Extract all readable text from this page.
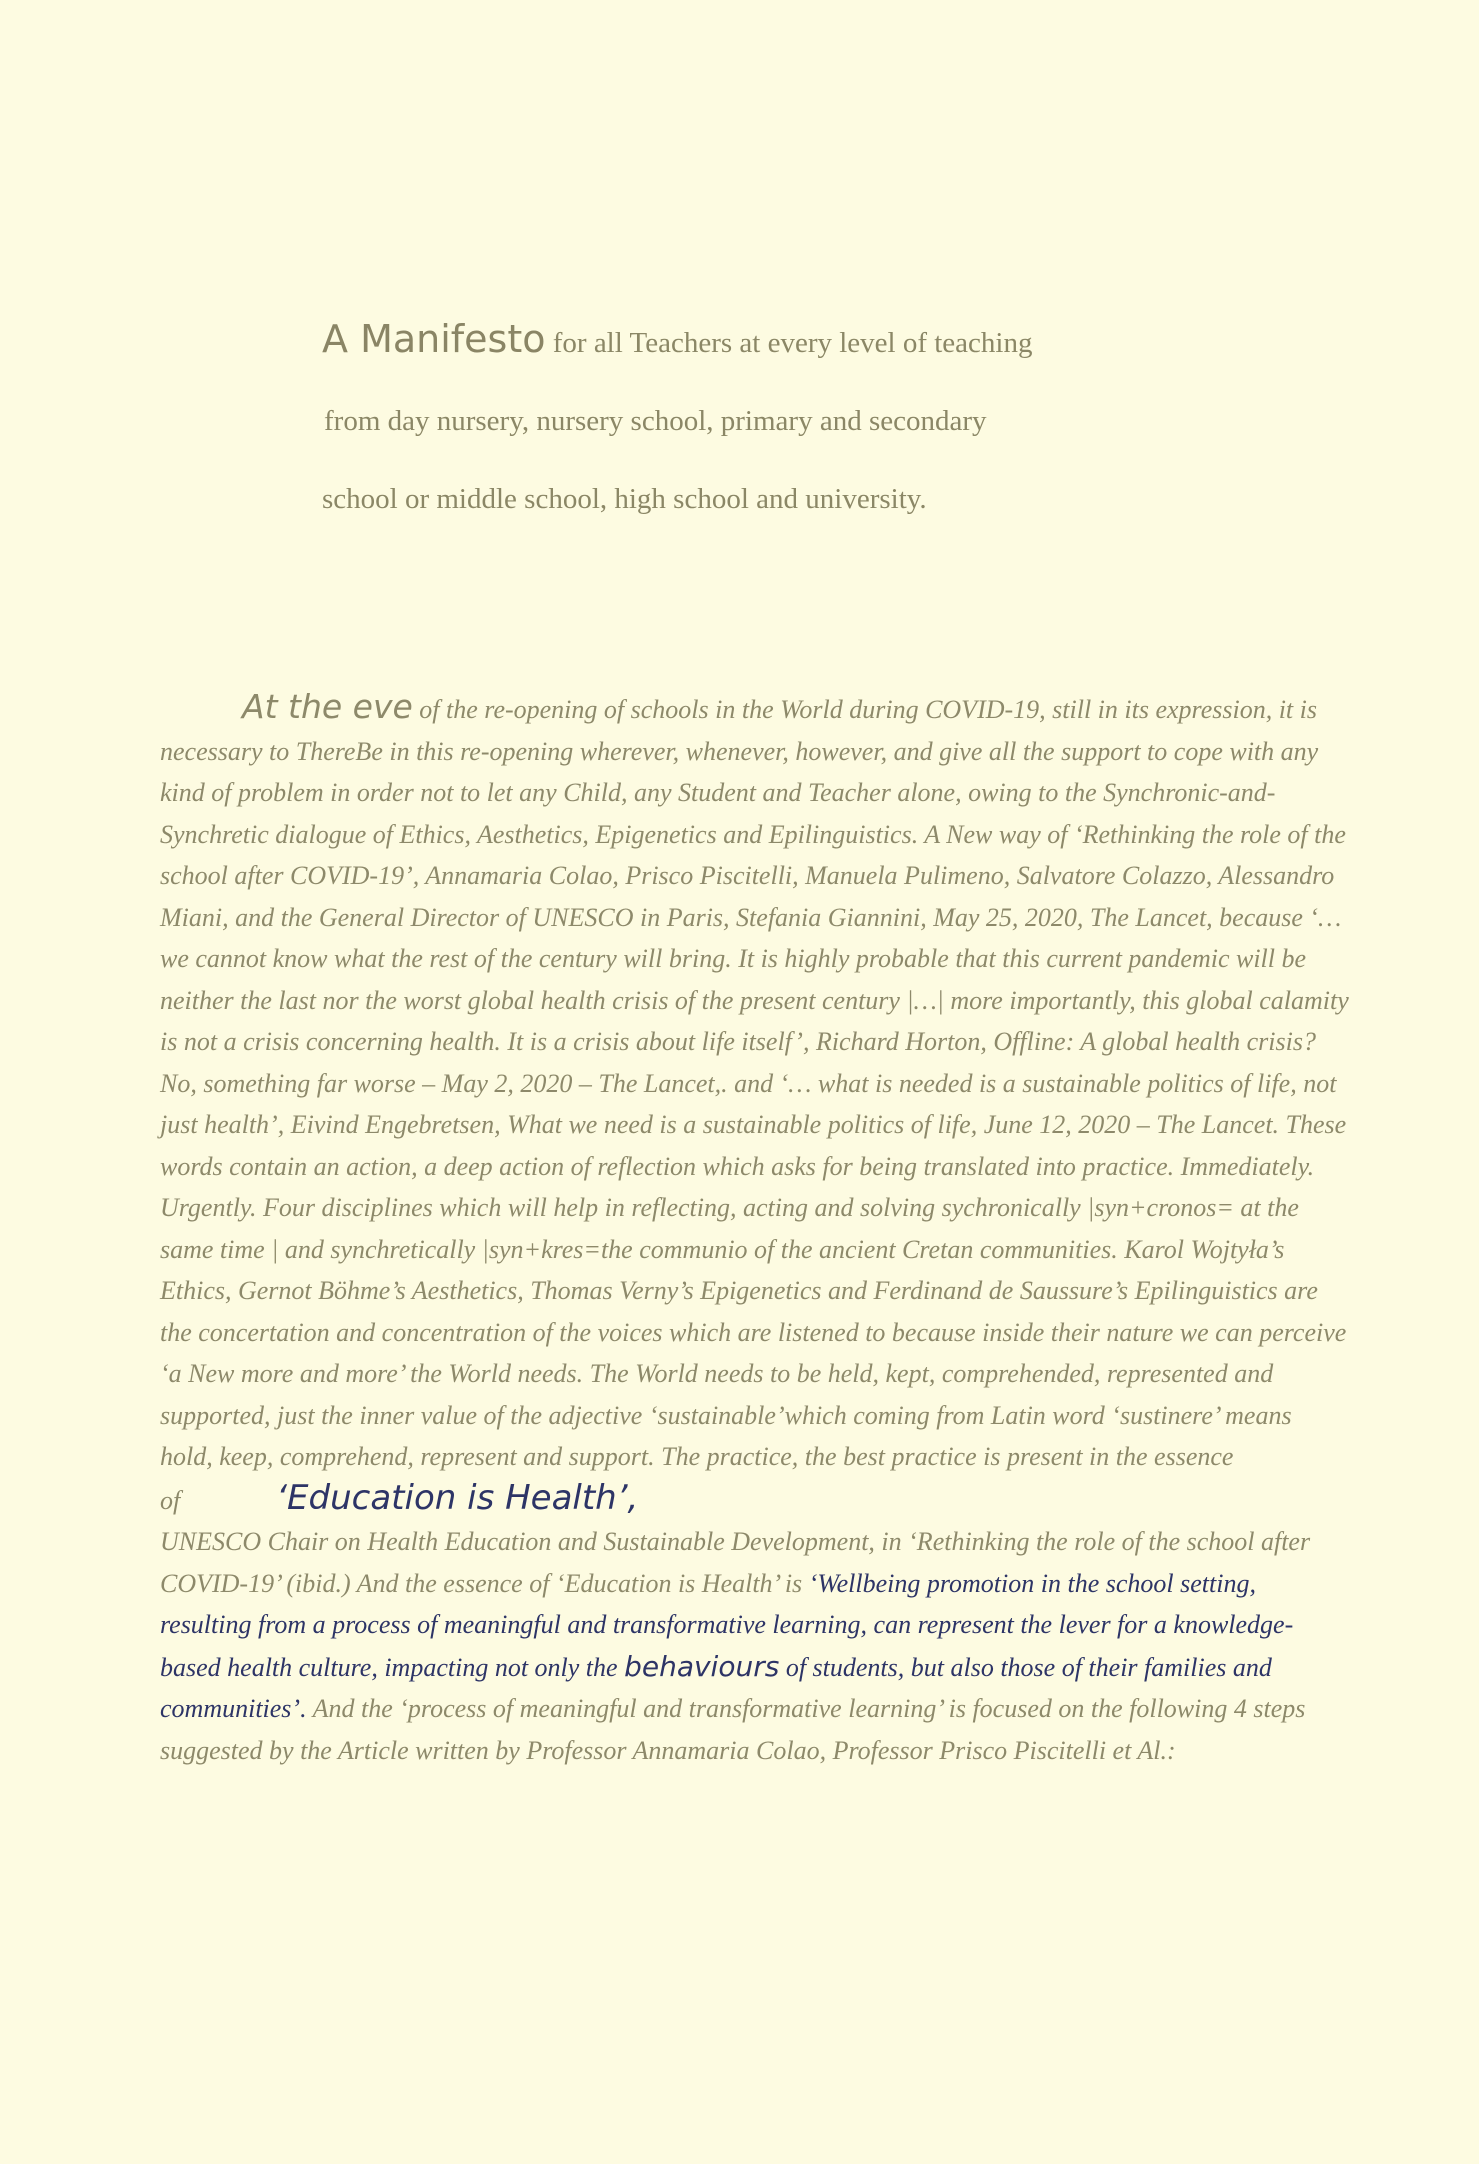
A Manifesto for all Teachers at every level of teaching
from day nursery, nursery school, primary and secondary
school or middle school, high school and university.
At the eve of the re-opening of schools in the World during COVID-19, still in its expression, it is necessary to ThereBe in this re-opening wherever, whenever, however, and give all the support to cope with any kind of problem in order not to let any Child, any Student and Teacher alone, owing to the Synchronic-and-Synchretic dialogue of Ethics, Aesthetics, Epigenetics and Epilinguistics. A New way of ‘Rethinking the role of the school after COVID-19’, Annamaria Colao, Prisco Piscitelli, Manuela Pulimeno, Salvatore Colazzo, Alessandro Miani, and the General Director of UNESCO in Paris, Stefania Giannini, May 25, 2020, The Lancet, because ‘… we cannot know what the rest of the century will bring. It is highly probable that this current pandemic will be neither the last nor the worst global health crisis of the present century |…| more importantly, this global calamity is not a crisis concerning health. It is a crisis about life itself’, Richard Horton, Offline: A global health crisis? No, something far worse – May 2, 2020 – The Lancet,. and ‘… what is needed is a sustainable politics of life, not just health’, Eivind Engebretsen, What we need is a sustainable politics of life, June 12, 2020 – The Lancet. These words contain an action, a deep action of reflection which asks for being translated into practice. Immediately. Urgently. Four disciplines which will help in reflecting, acting and solving sychronically |syn+cronos= at the same time | and synchretically |syn+kres=the communio of the ancient Cretan communities. Karol Wojtyła’s Ethics, Gernot Böhme’s Aesthetics, Thomas Verny’s Epigenetics and Ferdinand de Saussure’s Epilinguistics are the concertation and concentration of the voices which are listened to because inside their nature we can perceive ‘a New more and more’ the World needs. The World needs to be held, kept, comprehended, represented and supported, just the inner value of the adjective ‘sustainable’which coming from Latin word ‘sustinere’ means hold, keep, comprehend, represent and support. The practice, the best practice is present in the essence of	‘Education is Health’,
UNESCO Chair on Health Education and Sustainable Development, in ‘Rethinking the role of the school after COVID-19’ (ibid.) And the essence of ‘Education is Health’ is ‘Wellbeing promotion in the school setting, resulting from a process of meaningful and transformative learning, can represent the lever for a knowledge-based health culture, impacting not only the behaviours of students, but also those of their families and communities’. And the ‘process of meaningful and transformative learning’ is focused on the following 4 steps suggested by the Article written by Professor Annamaria Colao, Professor Prisco Piscitelli et Al.:
